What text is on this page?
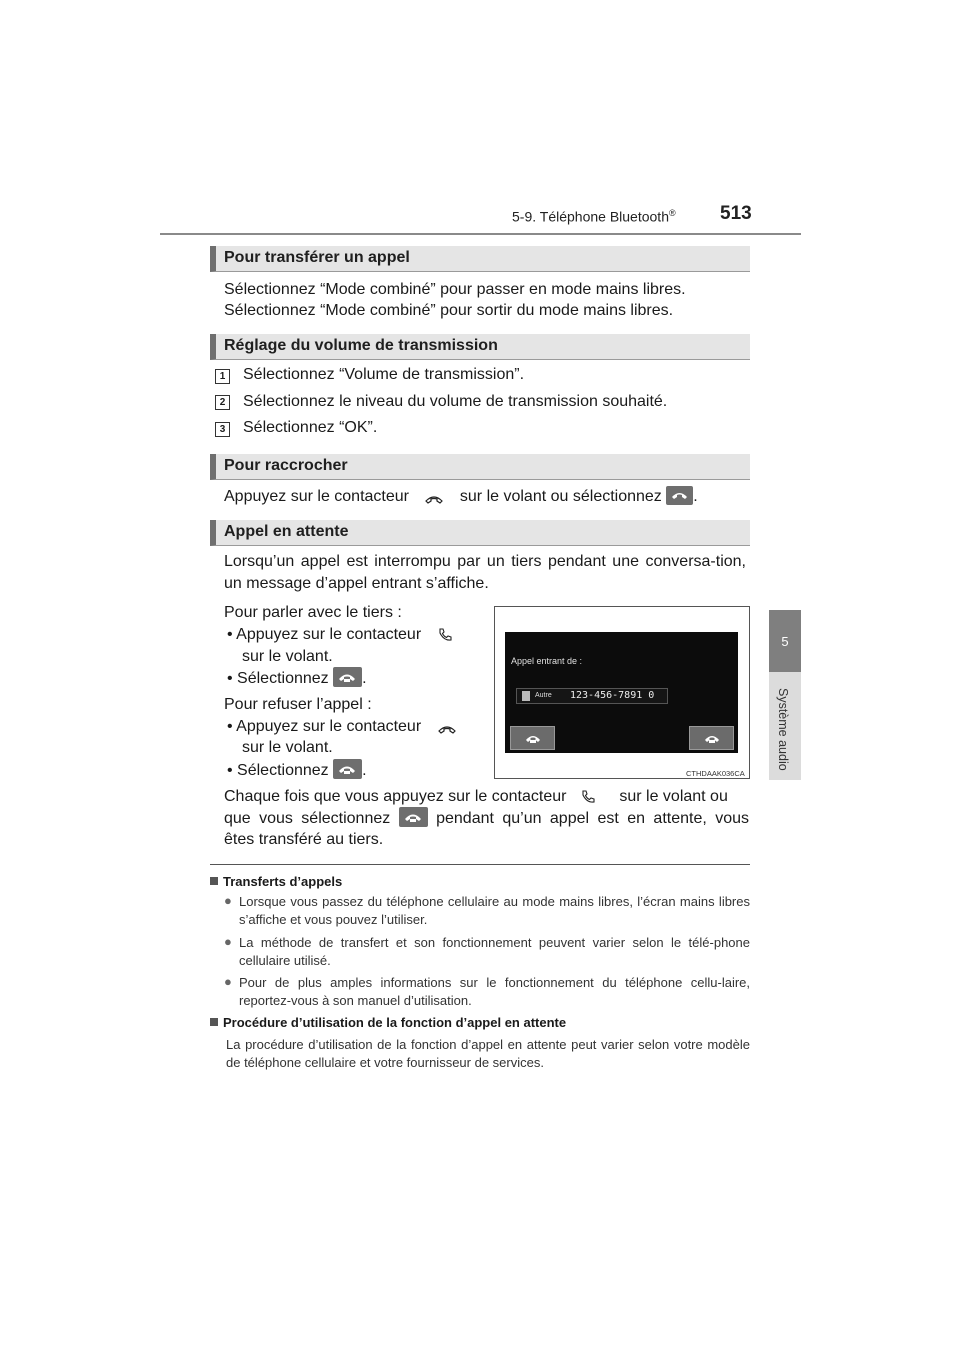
5-9. Téléphone Bluetooth® 513
5
Système audio
Pour transférer un appel
Sélectionnez “Mode combiné” pour passer en mode mains libres.
Sélectionnez “Mode combiné” pour sortir du mode mains libres.
Réglage du volume de transmission
1 Sélectionnez “Volume de transmission”.
2 Sélectionnez le niveau du volume de transmission souhaité.
3 Sélectionnez “OK”.
Pour raccrocher
Appuyez sur le contacteur	sur le volant ou sélectionnez .
Appel en attente
Lorsqu’un appel est interrompu par un tiers pendant une conversa-tion, un message d’appel entrant s’affiche.
Pour parler avec le tiers :
• Appuyez sur le contacteur
sur le volant.
• Sélectionnez .
Pour refuser l’appel :
• Appuyez sur le contacteur
sur le volant.
• Sélectionnez .
Appel entrant de :
Autre 123-456-7891 0
CTHDAAK036CA
Chaque fois que vous appuyez sur le contacteur	sur le volant ou
que vous sélectionnez	pendant qu’un appel est en attente, vous
êtes transféré au tiers.
Transferts d’appels
● Lorsque vous passez du téléphone cellulaire au mode mains libres, l’écran mains libres s’affiche et vous pouvez l’utiliser.
● La méthode de transfert et son fonctionnement peuvent varier selon le télé-phone cellulaire utilisé.
● Pour de plus amples informations sur le fonctionnement du téléphone cellu-laire, reportez-vous à son manuel d’utilisation.
Procédure d’utilisation de la fonction d’appel en attente
La procédure d’utilisation de la fonction d’appel en attente peut varier selon votre modèle de téléphone cellulaire et votre fournisseur de services.
